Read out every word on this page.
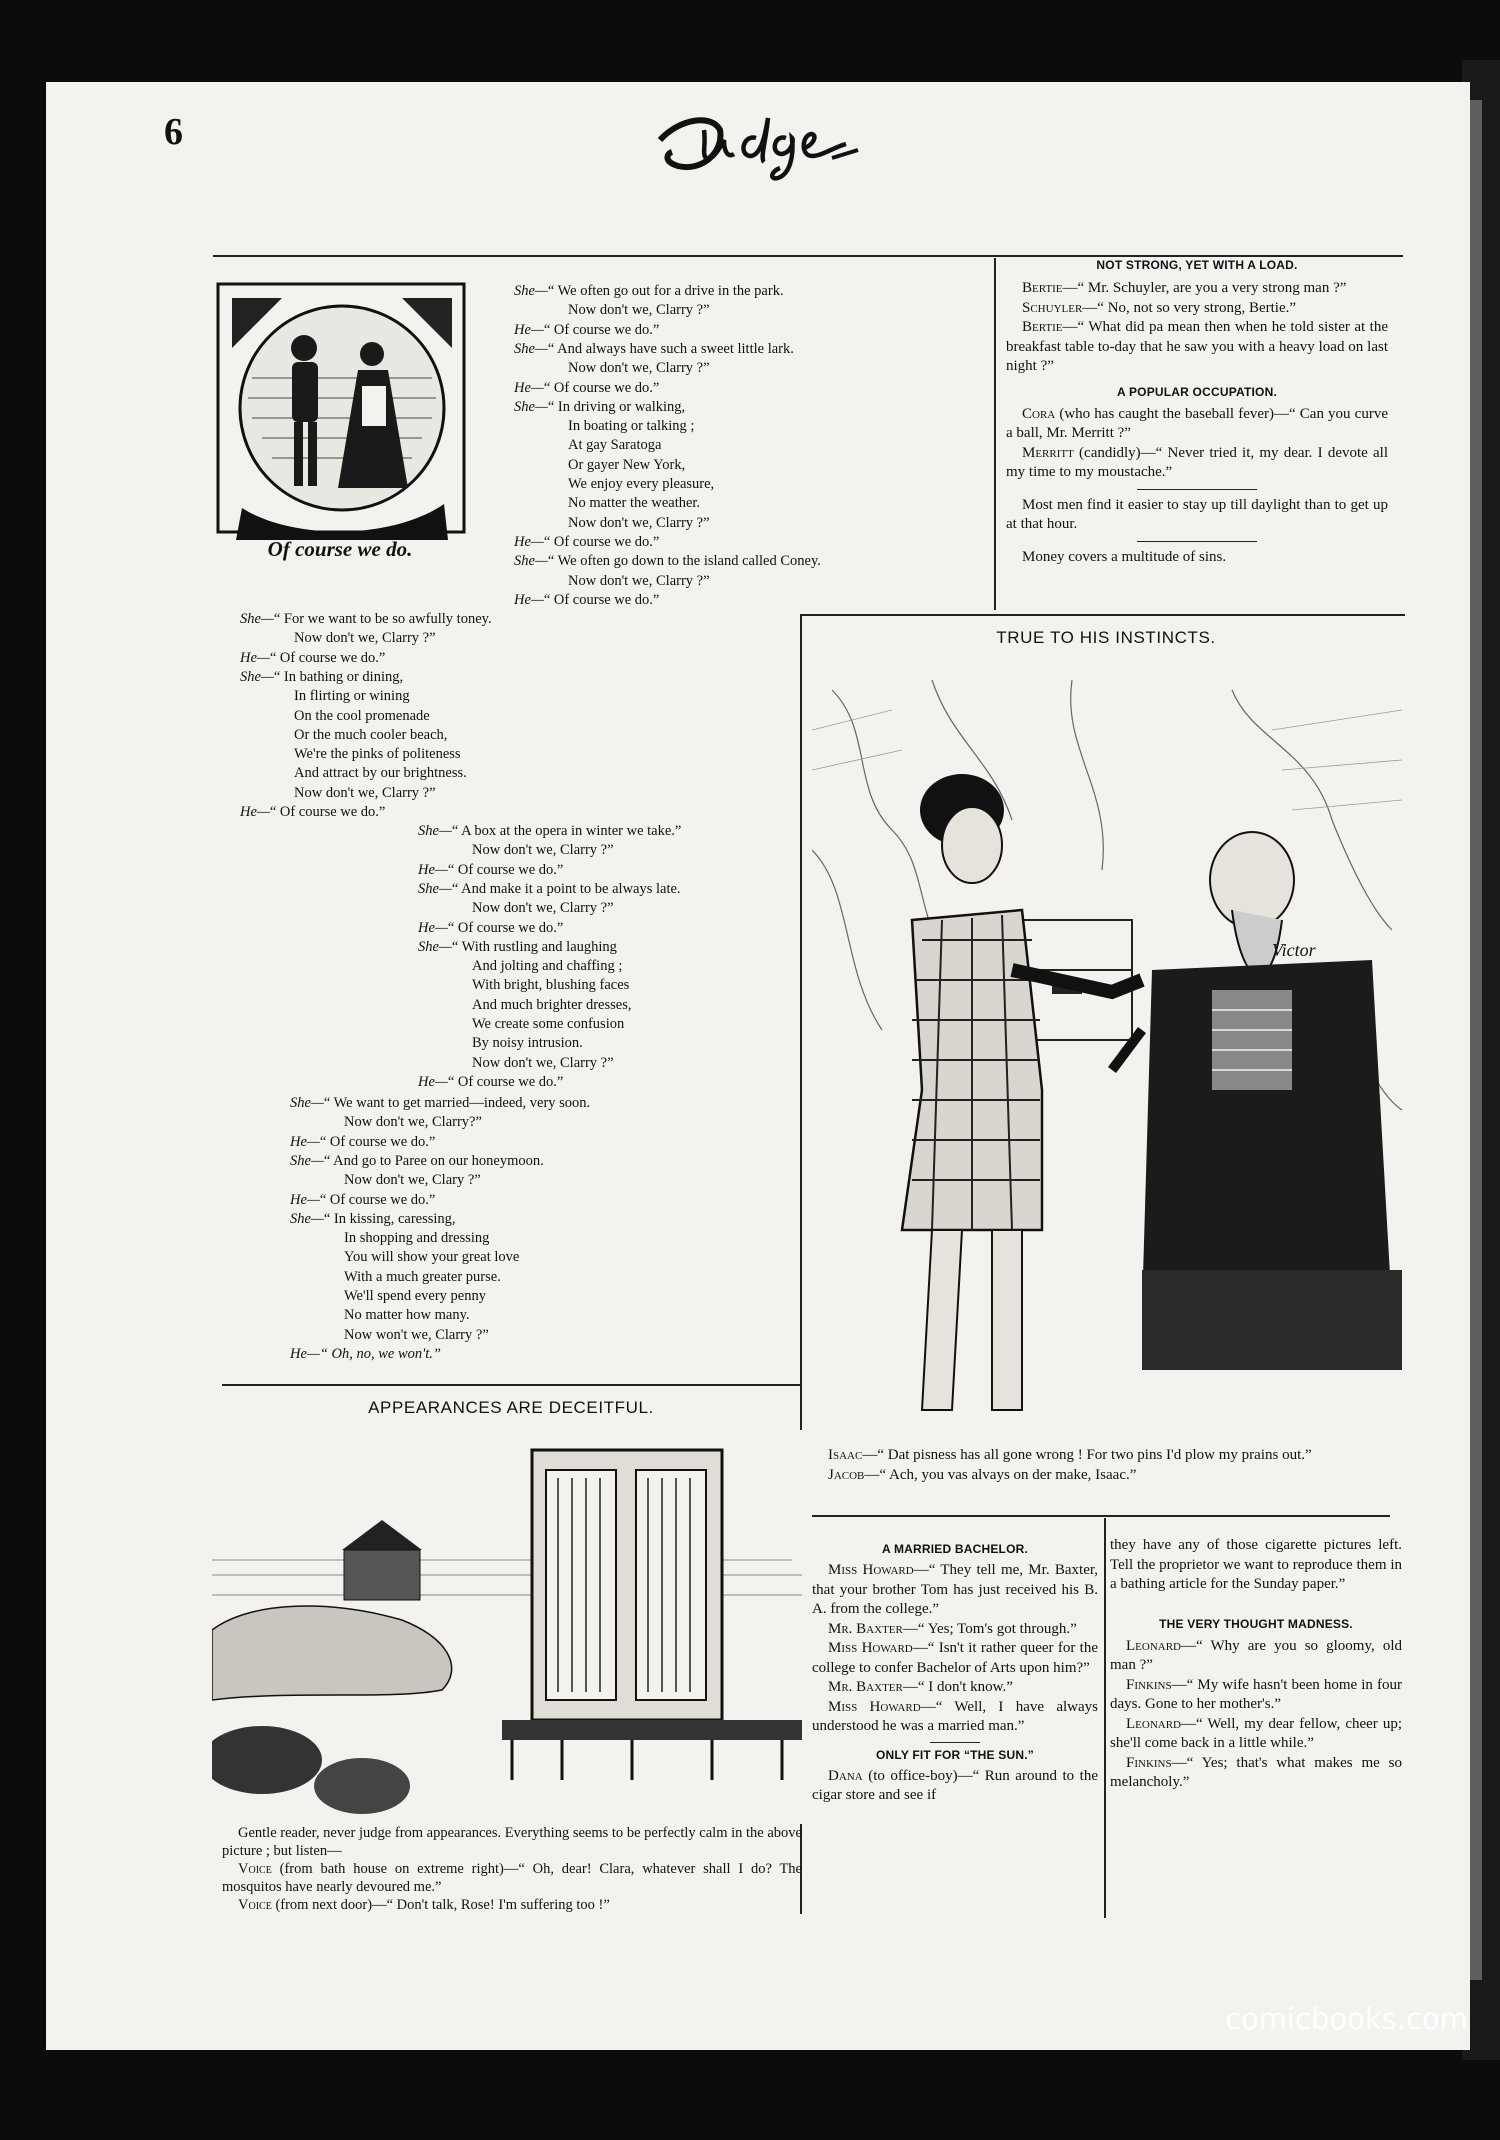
6
Of course we do.
She—“ We often go out for a drive in the park.
Now don't we, Clarry ?”
He—“ Of course we do.”
She—“ And always have such a sweet little lark.
Now don't we, Clarry ?”
He—“ Of course we do.”
She—“ In driving or walking,
In boating or talking ;
At gay Saratoga
Or gayer New York,
We enjoy every pleasure,
No matter the weather.
Now don't we, Clarry ?”
He—“ Of course we do.”
She—“ We often go down to the island called Coney.
Now don't we, Clarry ?”
He—“ Of course we do.”
She—“ For we want to be so awfully toney.
Now don't we, Clarry ?”
He—“ Of course we do.”
She—“ In bathing or dining,
In flirting or wining
On the cool promenade
Or the much cooler beach,
We're the pinks of politeness
And attract by our brightness.
Now don't we, Clarry ?”
He—“ Of course we do.”
She—“ A box at the opera in winter we take.”
Now don't we, Clarry ?”
He—“ Of course we do.”
She—“ And make it a point to be always late.
Now don't we, Clarry ?”
He—“ Of course we do.”
She—“ With rustling and laughing
And jolting and chaffing ;
With bright, blushing faces
And much brighter dresses,
We create some confusion
By noisy intrusion.
Now don't we, Clarry ?”
He—“ Of course we do.”
She—“ We want to get married—indeed, very soon.
Now don't we, Clarry?”
He—“ Of course we do.”
She—“ And go to Paree on our honeymoon.
Now don't we, Clary ?”
He—“ Of course we do.”
She—“ In kissing, caressing,
In shopping and dressing
You will show your great love
With a much greater purse.
We'll spend every penny
No matter how many.
Now won't we, Clarry ?”
He—“ Oh, no, we won't.”
NOT STRONG, YET WITH A LOAD.

Bertie—“ Mr. Schuyler, are you a very strong man ?”

Schuyler—“ No, not so very strong, Bertie.”

Bertie—“ What did pa mean then when he told sister at the breakfast table to-day that he saw you with a heavy load on last night ?”

A POPULAR OCCUPATION.

Cora (who has caught the baseball fever)—“ Can you curve a ball, Mr. Merritt ?”

Merritt (candidly)—“ Never tried it, my dear. I devote all my time to my moustache.”

Most men find it easier to stay up till daylight than to get up at that hour.

Money covers a multitude of sins.

TRUE TO HIS INSTINCTS.
Victor

Isaac—“ Dat pisness has all gone wrong ! For two pins I'd plow my prains out.”

Jacob—“ Ach, you vas alvays on der make, Isaac.”

APPEARANCES ARE DECEITFUL.

Gentle reader, never judge from appearances. Everything seems to be perfectly calm in the above picture ; but listen—

Voice (from bath house on extreme right)—“ Oh, dear! Clara, whatever shall I do? The mosquitos have nearly devoured me.”

Voice (from next door)—“ Don't talk, Rose! I'm suffering too !”

A MARRIED BACHELOR.

Miss Howard—“ They tell me, Mr. Baxter, that your brother Tom has just received his B. A. from the college.”

Mr. Baxter—“ Yes; Tom's got through.”

Miss Howard—“ Isn't it rather queer for the college to confer Bachelor of Arts upon him?”

Mr. Baxter—“ I don't know.”

Miss Howard—“ Well, I have always understood he was a married man.”

ONLY FIT FOR “THE SUN.”

Dana (to office-boy)—“ Run around to the cigar store and see if

they have any of those cigarette pictures left. Tell the proprietor we want to reproduce them in a bathing article for the Sunday paper.”

THE VERY THOUGHT MADNESS.

Leonard—“ Why are you so gloomy, old man ?”

Finkins—“ My wife hasn't been home in four days. Gone to her mother's.”

Leonard—“ Well, my dear fellow, cheer up; she'll come back in a little while.”

Finkins—“ Yes; that's what makes me so melancholy.”

comicbooks.com
